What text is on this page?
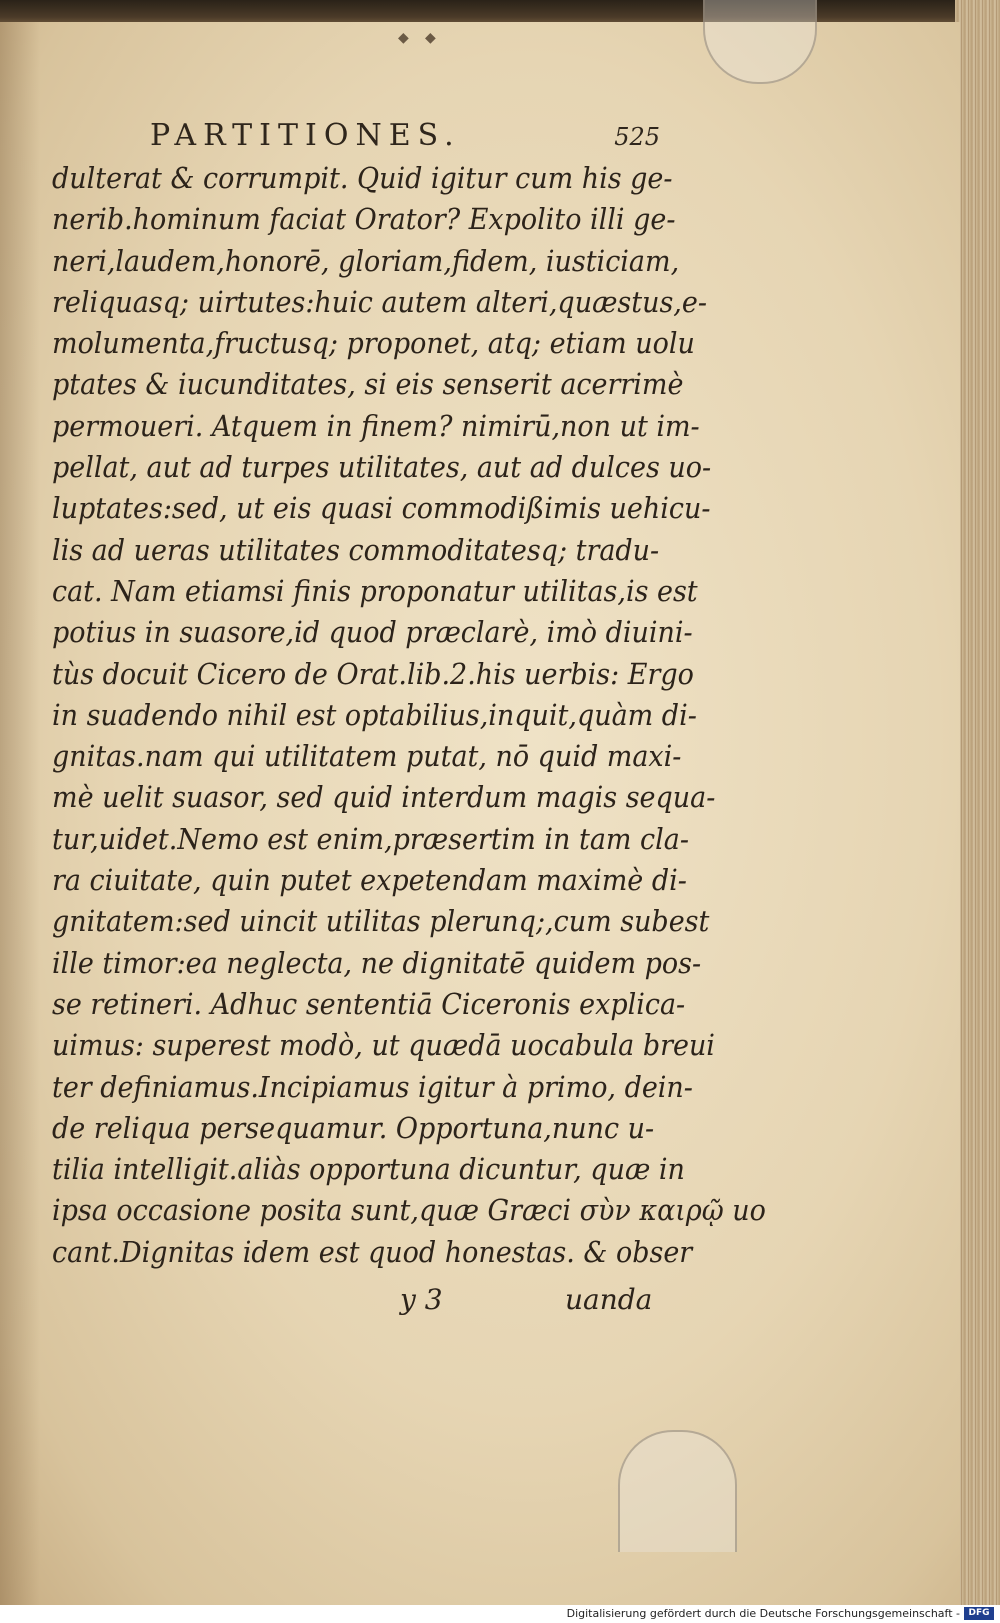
◆ ◆
PARTITIONES.	525
dulterat & corrumpit. Quid igitur cum his ge-
nerib.hominum faciat Orator? Expolito illi ge-
neri,laudem,honorē, gloriam,fidem, iusticiam,
reliquasq; uirtutes:huic autem alteri,quæstus,e-
molumenta,fructusq; proponet, atq; etiam uolu
ptates & iucunditates, si eis senserit acerrimè
permoueri. Atquem in finem? nimirū,non ut im-
pellat, aut ad turpes utilitates, aut ad dulces uo-
luptates:sed, ut eis quasi commodißimis uehicu-
lis ad ueras utilitates commoditatesq; tradu-
cat. Nam etiamsi finis proponatur utilitas,is est
potius in suasore,id quod præclarè, imò diuini-
tùs docuit Cicero de Orat.lib.2.his uerbis: Ergo
in suadendo nihil est optabilius,inquit,quàm di-
gnitas.nam qui utilitatem putat, nō quid maxi-
mè uelit suasor, sed quid interdum magis sequa-
tur,uidet.Nemo est enim,præsertim in tam cla-
ra ciuitate, quin putet expetendam maximè di-
gnitatem:sed uincit utilitas plerunq;,cum subest
ille timor:ea neglecta, ne dignitatē quidem pos-
se retineri. Adhuc sententiā Ciceronis explica-
uimus: superest modò, ut quædā uocabula breui
ter definiamus.Incipiamus igitur à primo, dein-
de reliqua persequamur. Opportuna,nunc u-
tilia intelligit.aliàs opportuna dicuntur, quæ in
ipsa occasione posita sunt,quæ Græci σὺν καιρῷ uo
cant.Dignitas idem est quod honestas. & obser
y 3	uanda
Digitalisierung gefördert durch die Deutsche Forschungsgemeinschaft - DFG
